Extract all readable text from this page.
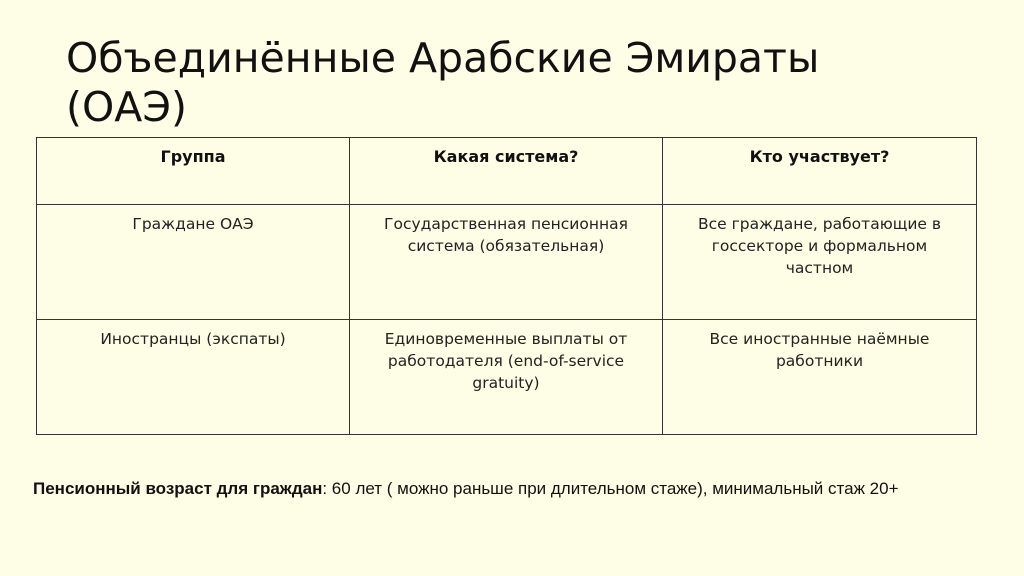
Объединённые Арабские Эмираты
(ОАЭ)
Группа	Какая система?	Кто участвует?
Граждане ОАЭ	Государственная пенсионная система (обязательная)	Все граждане, работающие в госсекторе и формальном частном
Иностранцы (экспаты)	Единовременные выплаты от работодателя (end-of-service gratuity)	Все иностранные наёмные работники
Пенсионный возраст для граждан: 60 лет ( можно раньше при длительном стаже), минимальный стаж 20+
